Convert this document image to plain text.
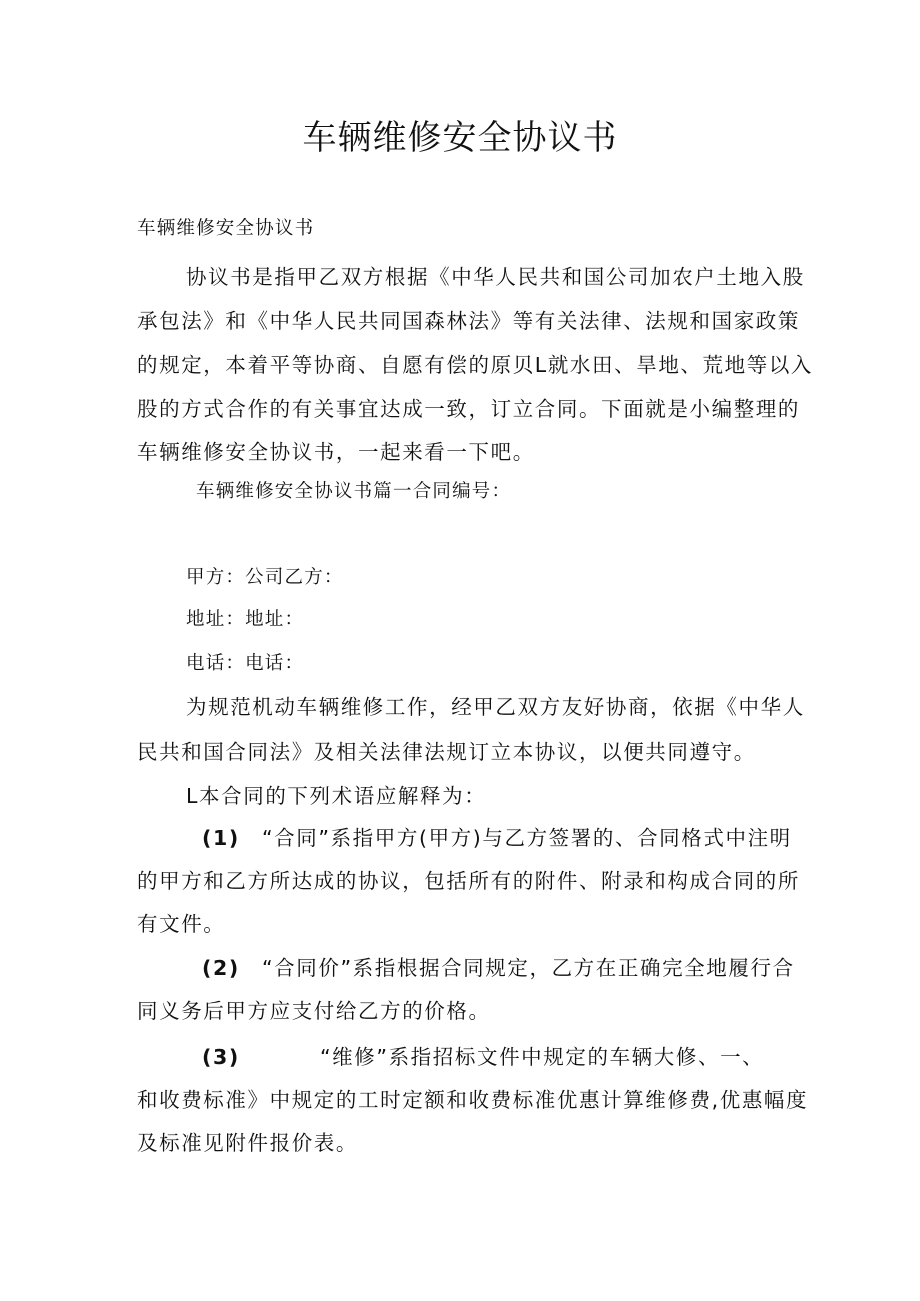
车辆维修安全协议书
车辆维修安全协议书
协议书是指甲乙双方根据《中华人民共和国公司加农户土地入股
承包法》和《中华人民共同国森林法》等有关法律、法规和国家政策
的规定，本着平等协商、自愿有偿的原贝L就水田、旱地、荒地等以入
股的方式合作的有关事宜达成一致，订立合同。下面就是小编整理的
车辆维修安全协议书，一起来看一下吧。
车辆维修安全协议书篇一合同编号：
甲方：公司乙方：
地址：地址：
电话：电话：
为规范机动车辆维修工作，经甲乙双方友好协商，依据《中华人
民共和国合同法》及相关法律法规订立本协议，以便共同遵守。
L本合同的下列术语应解释为：
(1) “合同”系指甲方(甲方)与乙方签署的、合同格式中注明
的甲方和乙方所达成的协议，包括所有的附件、附录和构成合同的所
有文件。
(2) “合同价”系指根据合同规定，乙方在正确完全地履行合
同义务后甲方应支付给乙方的价格。
(3)	“维修”系指招标文件中规定的车辆大修、一、
和收费标准》中规定的工时定额和收费标准优惠计算维修费,优惠幅度
及标准见附件报价表。
